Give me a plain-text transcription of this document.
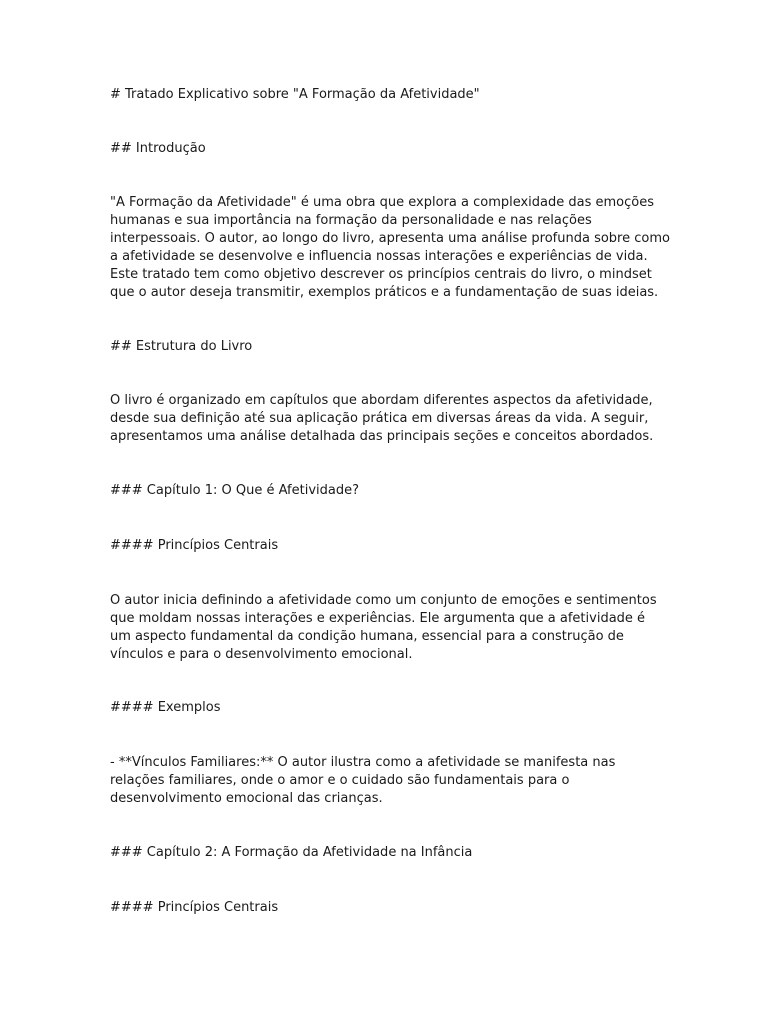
# Tratado Explicativo sobre "A Formação da Afetividade"
## Introdução
"A Formação da Afetividade" é uma obra que explora a complexidade das emoções humanas e sua importância na formação da personalidade e nas relações interpessoais. O autor, ao longo do livro, apresenta uma análise profunda sobre como a afetividade se desenvolve e influencia nossas interações e experiências de vida. Este tratado tem como objetivo descrever os princípios centrais do livro, o mindset que o autor deseja transmitir, exemplos práticos e a fundamentação de suas ideias.
## Estrutura do Livro
O livro é organizado em capítulos que abordam diferentes aspectos da afetividade, desde sua definição até sua aplicação prática em diversas áreas da vida. A seguir, apresentamos uma análise detalhada das principais seções e conceitos abordados.
### Capítulo 1: O Que é Afetividade?
#### Princípios Centrais
O autor inicia definindo a afetividade como um conjunto de emoções e sentimentos que moldam nossas interações e experiências. Ele argumenta que a afetividade é um aspecto fundamental da condição humana, essencial para a construção de vínculos e para o desenvolvimento emocional.
#### Exemplos
- **Vínculos Familiares:** O autor ilustra como a afetividade se manifesta nas relações familiares, onde o amor e o cuidado são fundamentais para o desenvolvimento emocional das crianças.
### Capítulo 2: A Formação da Afetividade na Infância
#### Princípios Centrais
